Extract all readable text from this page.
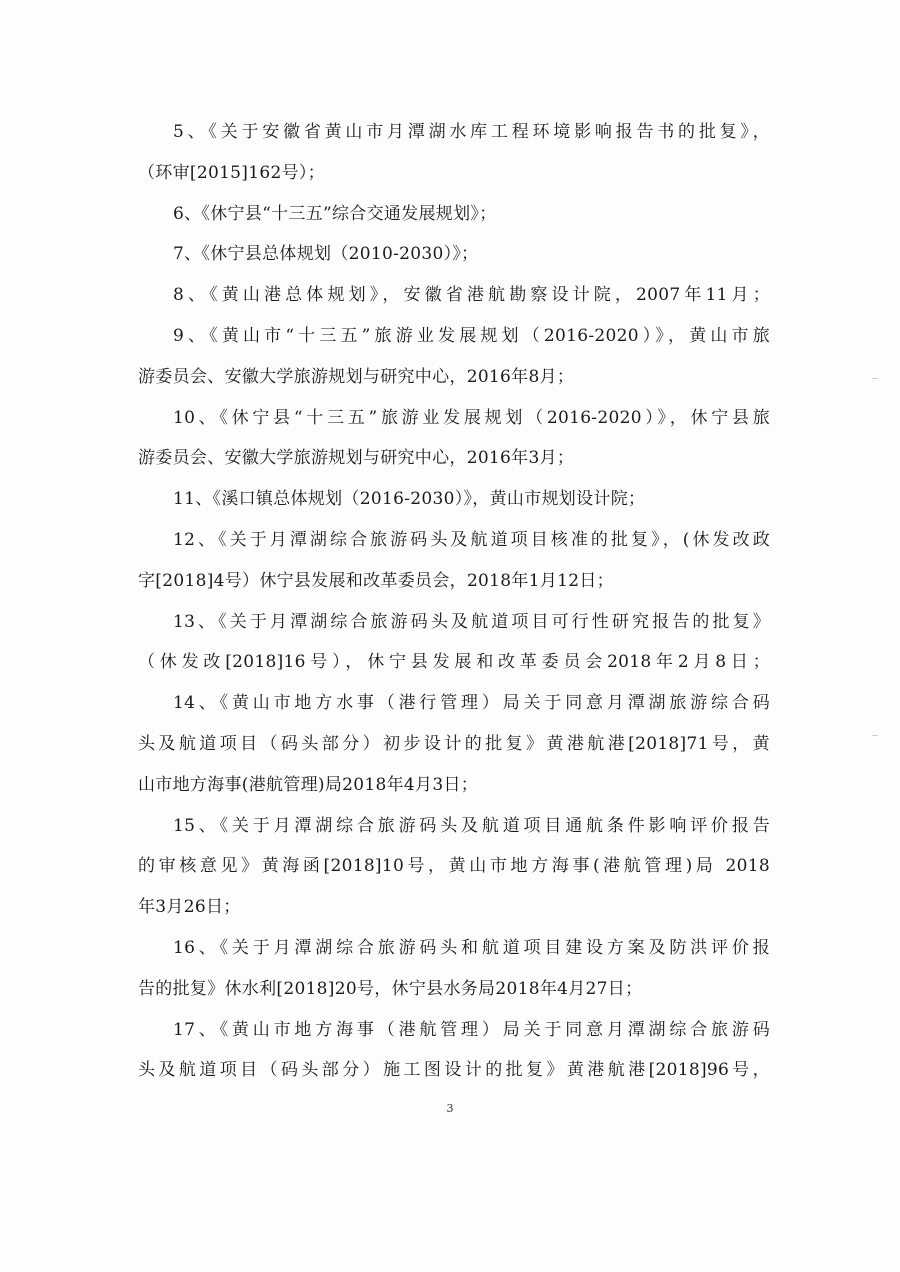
5、《关于安徽省黄山市月潭湖水库工程环境影响报告书的批复》，
（环审[2015]162号）；
6、《休宁县“十三五”综合交通发展规划》；
7、《休宁县总体规划（2010-2030）》；
8、《黄山港总体规划》，安徽省港航勘察设计院，2007年11月；
9、《黄山市“十三五”旅游业发展规划（2016-2020）》，黄山市旅
游委员会、安徽大学旅游规划与研究中心，2016年8月；
10、《休宁县“十三五”旅游业发展规划（2016-2020）》，休宁县旅
游委员会、安徽大学旅游规划与研究中心，2016年3月；
11、《溪口镇总体规划（2016-2030）》，黄山市规划设计院；
12、《关于月潭湖综合旅游码头及航道项目核准的批复》，(休发改政
字[2018]4号）休宁县发展和改革委员会，2018年1月12日；
13、《关于月潭湖综合旅游码头及航道项目可行性研究报告的批复》
（休发改[2018]16号），休宁县发展和改革委员会2018年2月8日；
14、《黄山市地方水事（港行管理）局关于同意月潭湖旅游综合码
头及航道项目（码头部分）初步设计的批复》黄港航港[2018]71号，黄
山市地方海事(港航管理)局2018年4月3日；
15、《关于月潭湖综合旅游码头及航道项目通航条件影响评价报告
的审核意见》黄海函[2018]10号，黄山市地方海事(港航管理)局 2018
年3月26日；
16、《关于月潭湖综合旅游码头和航道项目建设方案及防洪评价报
告的批复》休水利[2018]20号，休宁县水务局2018年4月27日；
17、《黄山市地方海事（港航管理）局关于同意月潭湖综合旅游码
头及航道项目（码头部分）施工图设计的批复》黄港航港[2018]96号，
3
